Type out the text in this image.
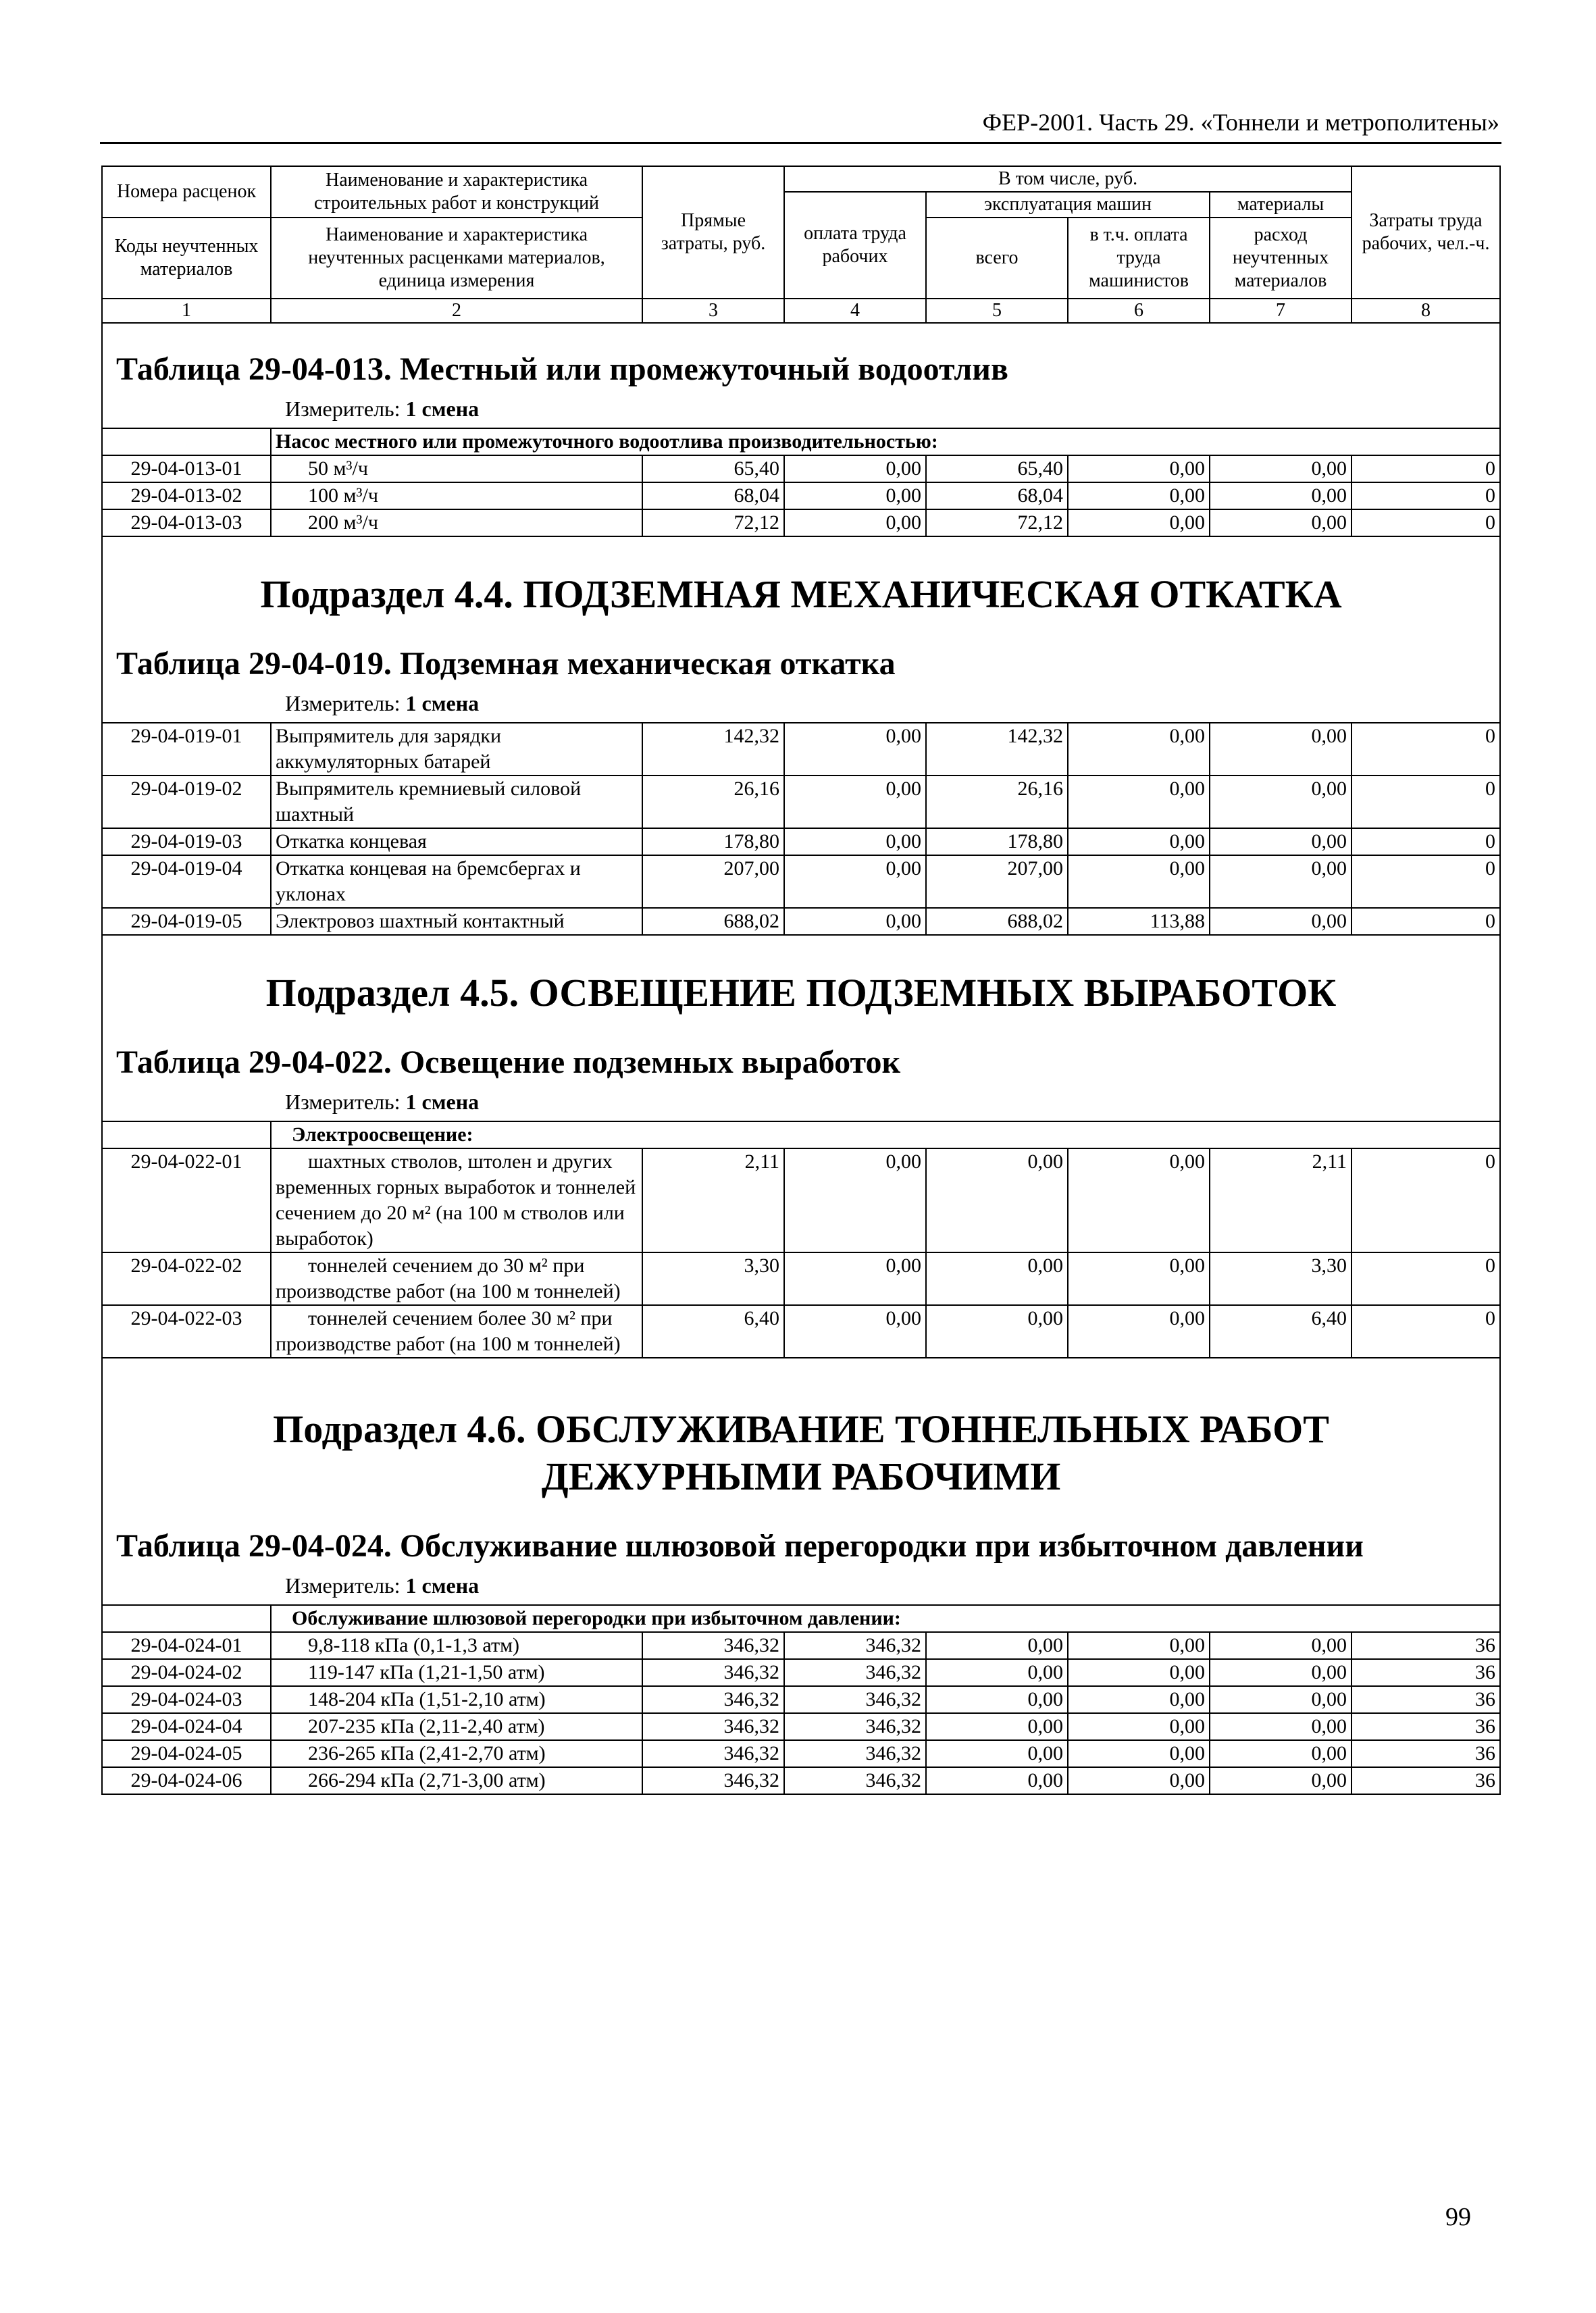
ФЕР-2001. Часть 29. «Тоннели и метрополитены»
Номера расценок	Наименование и характеристика строительных работ и конструкций	Прямые затраты, руб.	В том числе, руб.				Затраты труда рабочих, чел.-ч.
			оплата труда рабочих	эксплуатация машин		материалы	
Коды неучтенных материалов	Наименование и характеристика неучтенных расценками материалов, единица измерения			всего	в т.ч. оплата труда машинистов	расход неучтенных материалов	

1	2	3	4	5	6	7	8

Таблица 29-04-013. Местный или промежуточный водоотлив
Измеритель: 1 смена							

	Насос местного или промежуточного водоотлива производительностью:						
29-04-013-01	50 м³/ч	65,40	0,00	65,40	0,00	0,00	0
29-04-013-02	100 м³/ч	68,04	0,00	68,04	0,00	0,00	0
29-04-013-03	200 м³/ч	72,12	0,00	72,12	0,00	0,00	0

Подраздел 4.4. ПОДЗЕМНАЯ МЕХАНИЧЕСКАЯ ОТКАТКА
Таблица 29-04-019. Подземная механическая откатка
Измеритель: 1 смена							

29-04-019-01	Выпрямитель для зарядки аккумуляторных батарей	142,32	0,00	142,32	0,00	0,00	0
29-04-019-02	Выпрямитель кремниевый силовой шахтный	26,16	0,00	26,16	0,00	0,00	0
29-04-019-03	Откатка концевая	178,80	0,00	178,80	0,00	0,00	0
29-04-019-04	Откатка концевая на бремсбергах и уклонах	207,00	0,00	207,00	0,00	0,00	0
29-04-019-05	Электровоз шахтный контактный	688,02	0,00	688,02	113,88	0,00	0

Подраздел 4.5. ОСВЕЩЕНИЕ ПОДЗЕМНЫХ ВЫРАБОТОК
Таблица 29-04-022. Освещение подземных выработок
Измеритель: 1 смена							

	Электроосвещение:						
29-04-022-01	шахтных стволов, штолен и других временных горных выработок и тоннелей сечением до 20 м² (на 100 м стволов или выработок)	2,11	0,00	0,00	0,00	2,11	0
29-04-022-02	тоннелей сечением до 30 м² при производстве работ (на 100 м тоннелей)	3,30	0,00	0,00	0,00	3,30	0
29-04-022-03	тоннелей сечением более 30 м² при производстве работ (на 100 м тоннелей)	6,40	0,00	0,00	0,00	6,40	0

Подраздел 4.6. ОБСЛУЖИВАНИЕ ТОННЕЛЬНЫХ РАБОТ ДЕЖУРНЫМИ РАБОЧИМИ
Таблица 29-04-024. Обслуживание шлюзовой перегородки при избыточном давлении
Измеритель: 1 смена							

	Обслуживание шлюзовой перегородки при избыточном давлении:						
29-04-024-01	9,8-118 кПа (0,1-1,3 атм)	346,32	346,32	0,00	0,00	0,00	36
29-04-024-02	119-147 кПа (1,21-1,50 атм)	346,32	346,32	0,00	0,00	0,00	36
29-04-024-03	148-204 кПа (1,51-2,10 атм)	346,32	346,32	0,00	0,00	0,00	36
29-04-024-04	207-235 кПа (2,11-2,40 атм)	346,32	346,32	0,00	0,00	0,00	36
29-04-024-05	236-265 кПа (2,41-2,70 атм)	346,32	346,32	0,00	0,00	0,00	36
29-04-024-06	266-294 кПа (2,71-3,00 атм)	346,32	346,32	0,00	0,00	0,00	36
99
